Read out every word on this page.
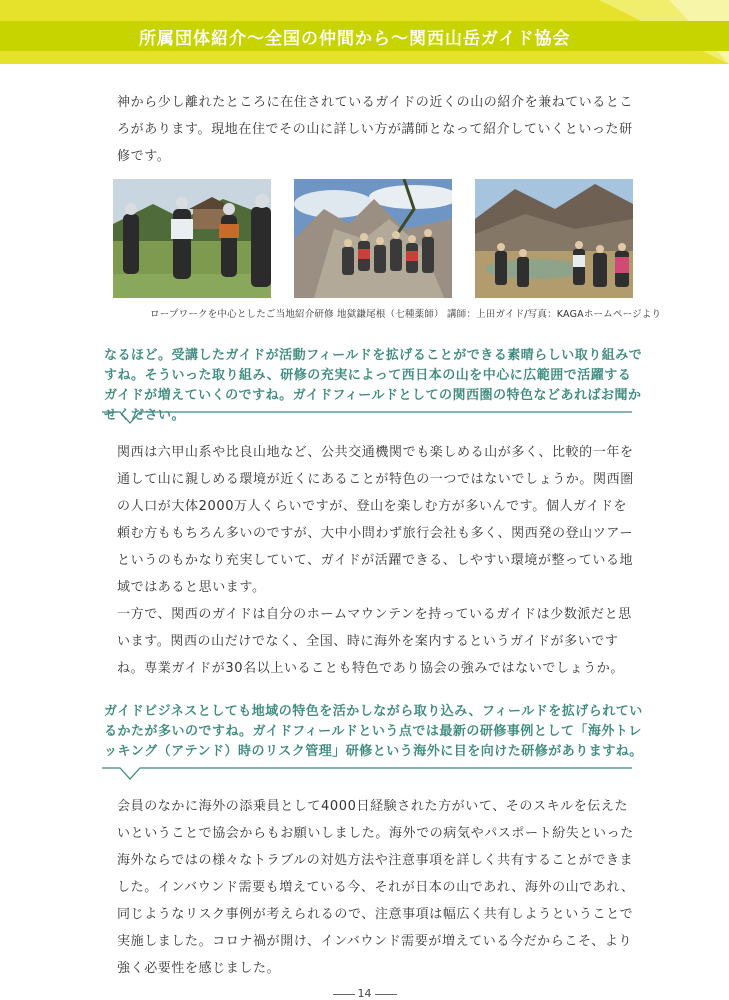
所属団体紹介〜全国の仲間から〜関西山岳ガイド協会

神から少し離れたところに在住されているガイドの近くの山の紹介を兼ねているところがあります。現地在住でその山に詳しい方が講師となって紹介していくといった研修です。

ロープワークを中心としたご当地紹介研修 地獄鎌尾根（七種薬師） 講師：上田ガイド/写真：KAGAホームページより

なるほど。受講したガイドが活動フィールドを拡げることができる素晴らしい取り組みですね。そういった取り組み、研修の充実によって西日本の山を中心に広範囲で活躍するガイドが増えていくのですね。ガイドフィールドとしての関西圏の特色などあればお聞かせください。

関西は六甲山系や比良山地など、公共交通機関でも楽しめる山が多く、比較的一年を通して山に親しめる環境が近くにあることが特色の一つではないでしょうか。関西圏の人口が大体2000万人くらいですが、登山を楽しむ方が多いんです。個人ガイドを頼む方ももちろん多いのですが、大中小問わず旅行会社も多く、関西発の登山ツアーというのもかなり充実していて、ガイドが活躍できる、しやすい環境が整っている地域ではあると思います。

一方で、関西のガイドは自分のホームマウンテンを持っているガイドは少数派だと思います。関西の山だけでなく、全国、時に海外を案内するというガイドが多いですね。専業ガイドが30名以上いることも特色であり協会の強みではないでしょうか。

ガイドビジネスとしても地域の特色を活かしながら取り込み、フィールドを拡げられているかたが多いのですね。ガイドフィールドという点では最新の研修事例として「海外トレッキング（アテンド）時のリスク管理」研修という海外に目を向けた研修がありますね。

会員のなかに海外の添乗員として4000日経験された方がいて、そのスキルを伝えたいということで協会からもお願いしました。海外での病気やパスポート紛失といった海外ならではの様々なトラブルの対処方法や注意事項を詳しく共有することができました。インバウンド需要も増えている今、それが日本の山であれ、海外の山であれ、同じようなリスク事例が考えられるので、注意事項は幅広く共有しようということで実施しました。コロナ禍が開け、インバウンド需要が増えている今だからこそ、より強く必要性を感じました。

14
